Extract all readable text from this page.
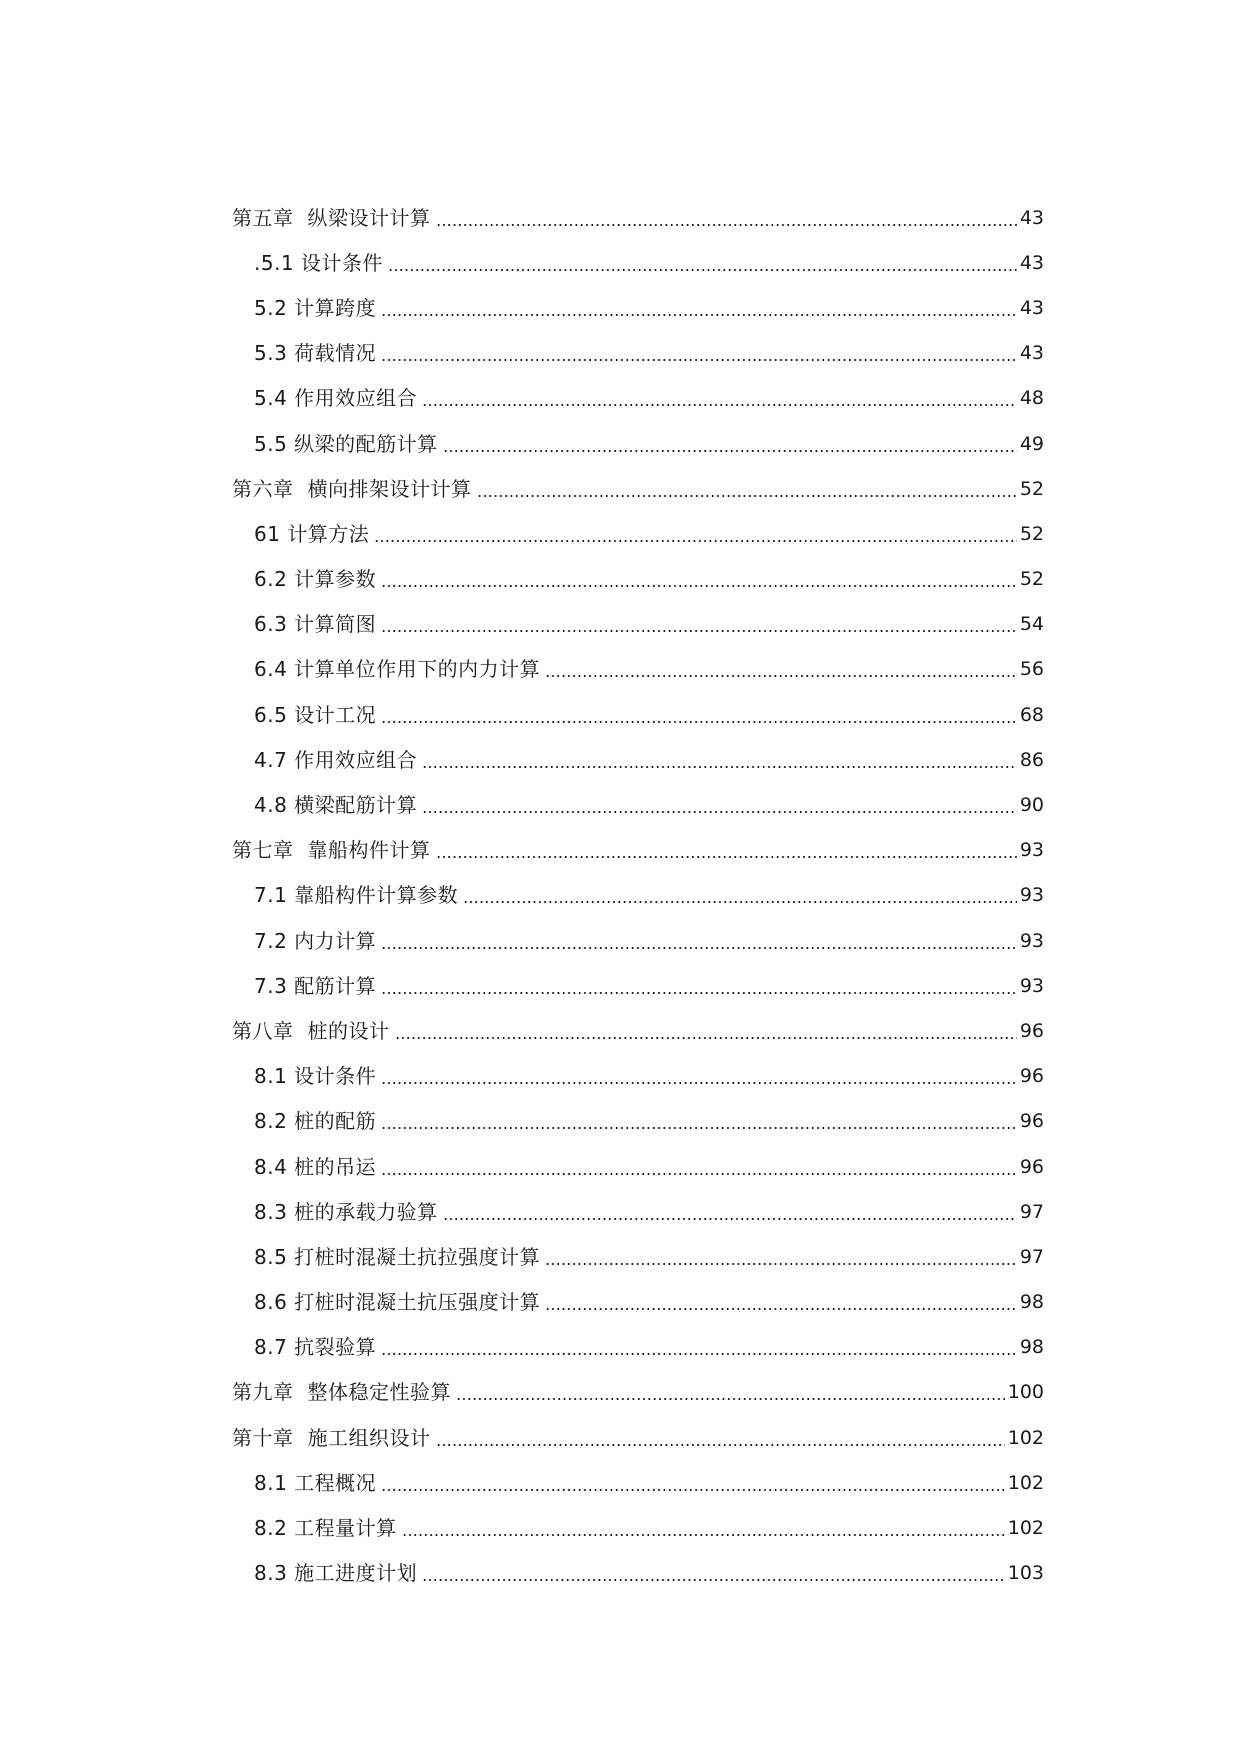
第五章 纵梁设计计算	43
.5.1 设计条件	43
5.2 计算跨度	43
5.3 荷载情况	43
5.4 作用效应组合	48
5.5 纵梁的配筋计算	49
第六章 横向排架设计计算	52
61 计算方法	52
6.2 计算参数	52
6.3 计算简图	54
6.4 计算单位作用下的内力计算	56
6.5 设计工况	68
4.7 作用效应组合	86
4.8 横梁配筋计算	90
第七章 靠船构件计算	93
7.1 靠船构件计算参数	93
7.2 内力计算	93
7.3 配筋计算	93
第八章 桩的设计	96
8.1 设计条件	96
8.2 桩的配筋	96
8.4 桩的吊运	96
8.3 桩的承载力验算	97
8.5 打桩时混凝土抗拉强度计算	97
8.6 打桩时混凝土抗压强度计算	98
8.7 抗裂验算	98
第九章 整体稳定性验算	100
第十章 施工组织设计	102
8.1 工程概况	102
8.2 工程量计算	102
8.3 施工进度计划	103
